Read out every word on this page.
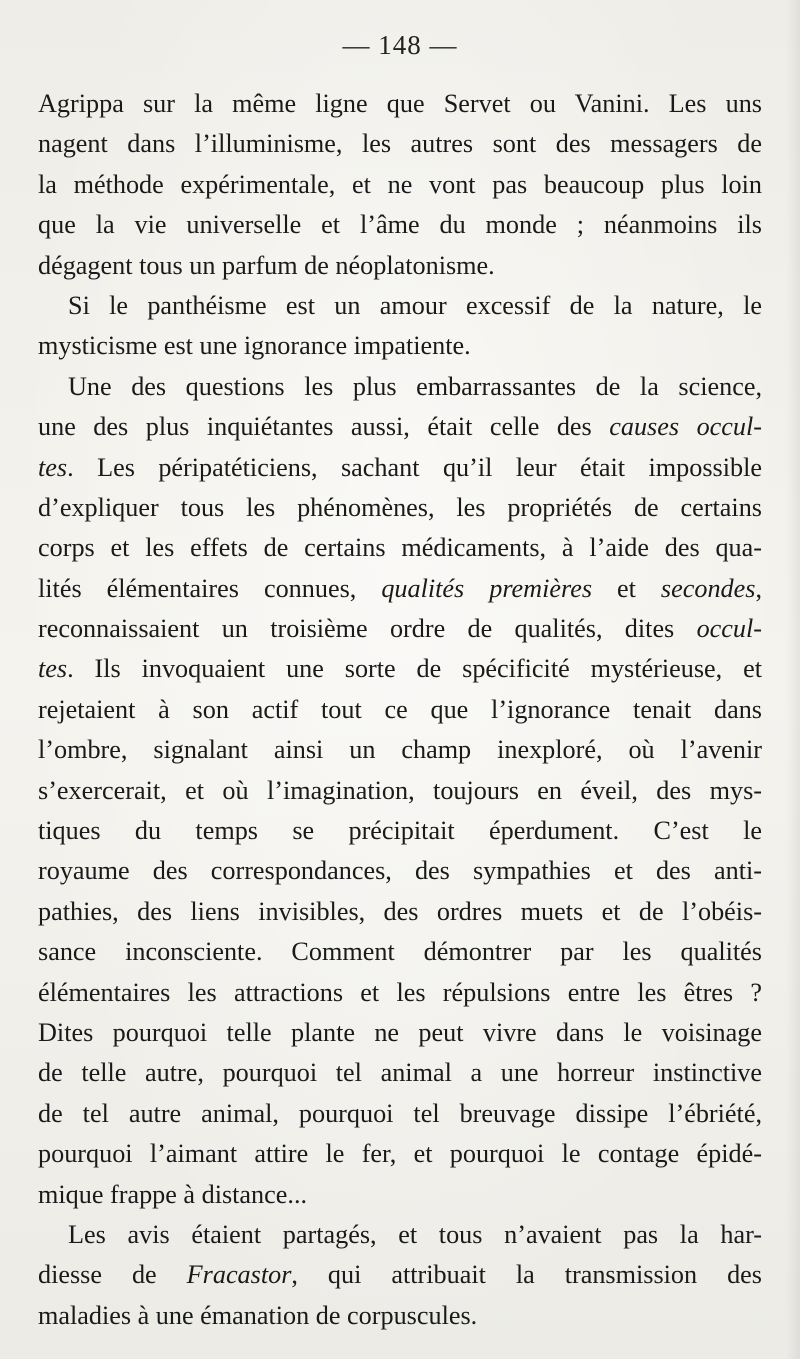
— 148 —
Agrippa sur la même ligne que Servet ou Vanini. Les uns
nagent dans l’illuminisme, les autres sont des messagers de
la méthode expérimentale, et ne vont pas beaucoup plus loin
que la vie universelle et l’âme du monde ; néanmoins ils
dégagent tous un parfum de néoplatonisme.
Si le panthéisme est un amour excessif de la nature, le
mysticisme est une ignorance impatiente.
Une des questions les plus embarrassantes de la science,
une des plus inquiétantes aussi, était celle des causes occul-
tes. Les péripatéticiens, sachant qu’il leur était impossible
d’expliquer tous les phénomènes, les propriétés de certains
corps et les effets de certains médicaments, à l’aide des qua-
lités élémentaires connues, qualités premières et secondes,
reconnaissaient un troisième ordre de qualités, dites occul-
tes. Ils invoquaient une sorte de spécificité mystérieuse, et
rejetaient à son actif tout ce que l’ignorance tenait dans
l’ombre, signalant ainsi un champ inexploré, où l’avenir
s’exercerait, et où l’imagination, toujours en éveil, des mys-
tiques du temps se précipitait éperdument. C’est le
royaume des correspondances, des sympathies et des anti-
pathies, des liens invisibles, des ordres muets et de l’obéis-
sance inconsciente. Comment démontrer par les qualités
élémentaires les attractions et les répulsions entre les êtres ?
Dites pourquoi telle plante ne peut vivre dans le voisinage
de telle autre, pourquoi tel animal a une horreur instinctive
de tel autre animal, pourquoi tel breuvage dissipe l’ébriété,
pourquoi l’aimant attire le fer, et pourquoi le contage épidé-
mique frappe à distance...
Les avis étaient partagés, et tous n’avaient pas la har-
diesse de Fracastor, qui attribuait la transmission des
maladies à une émanation de corpuscules.
